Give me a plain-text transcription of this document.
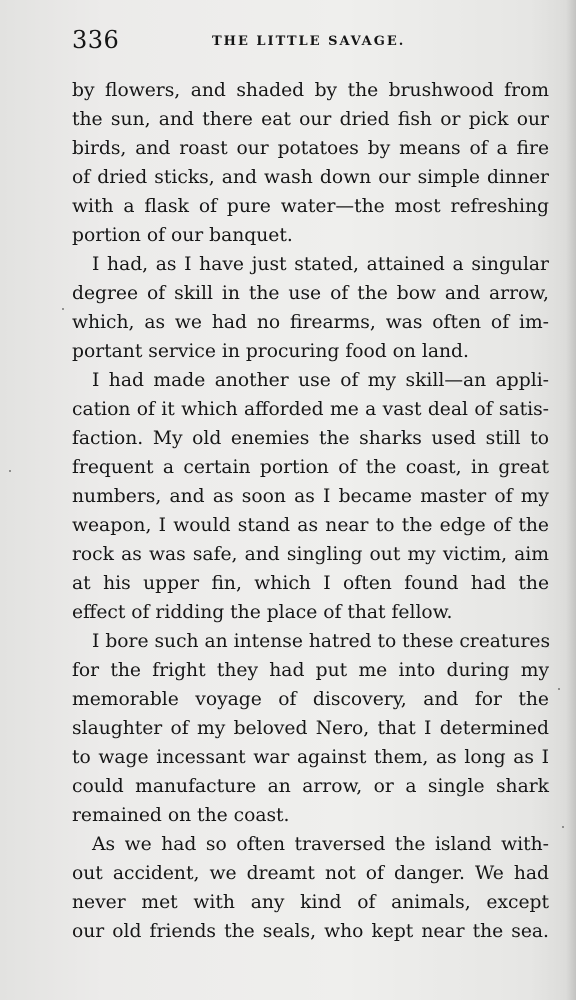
336	THE LITTLE SAVAGE.

by flowers, and shaded by the brushwood from
the sun, and there eat our dried fish or pick our
birds, and roast our potatoes by means of a fire
of dried sticks, and wash down our simple dinner
with a flask of pure water—the most refreshing
portion of our banquet.

I had, as I have just stated, attained a singular
degree of skill in the use of the bow and arrow,
which, as we had no firearms, was often of im-
portant service in procuring food on land.

I had made another use of my skill—an appli-
cation of it which afforded me a vast deal of satis-
faction. My old enemies the sharks used still to
frequent a certain portion of the coast, in great
numbers, and as soon as I became master of my
weapon, I would stand as near to the edge of the
rock as was safe, and singling out my victim, aim
at his upper fin, which I often found had the
effect of ridding the place of that fellow.

I bore such an intense hatred to these creatures
for the fright they had put me into during my
memorable voyage of discovery, and for the
slaughter of my beloved Nero, that I determined
to wage incessant war against them, as long as I
could manufacture an arrow, or a single shark
remained on the coast.

As we had so often traversed the island with-
out accident, we dreamt not of danger. We had
never met with any kind of animals, except
our old friends the seals, who kept near the sea.
